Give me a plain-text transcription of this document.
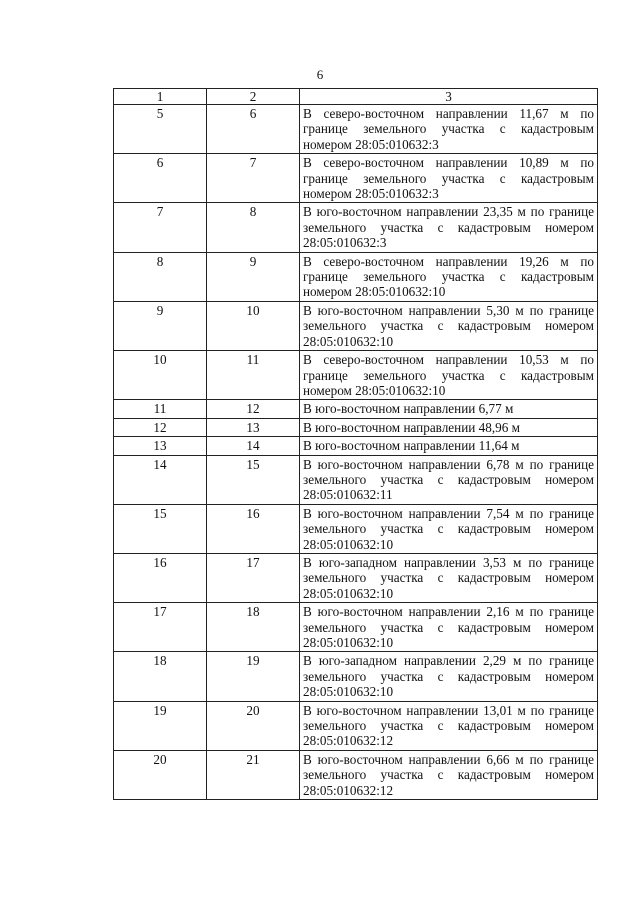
6
1	2	3
5	6	В северо-восточном направлении 11,67 м по границе земельного участка с кадастровым номером 28:05:010632:3
6	7	В северо-восточном направлении 10,89 м по границе земельного участка с кадастровым номером 28:05:010632:3
7	8	В юго-восточном направлении 23,35 м по границе земельного участка с кадастровым номером 28:05:010632:3
8	9	В северо-восточном направлении 19,26 м по границе земельного участка с кадастровым номером 28:05:010632:10
9	10	В юго-восточном направлении 5,30 м по границе земельного участка с кадастровым номером 28:05:010632:10
10	11	В северо-восточном направлении 10,53 м по границе земельного участка с кадастровым номером 28:05:010632:10
11	12	В юго-восточном направлении 6,77 м
12	13	В юго-восточном направлении 48,96 м
13	14	В юго-восточном направлении 11,64 м
14	15	В юго-восточном направлении 6,78 м по границе земельного участка с кадастровым номером 28:05:010632:11
15	16	В юго-восточном направлении 7,54 м по границе земельного участка с кадастровым номером 28:05:010632:10
16	17	В юго-западном направлении 3,53 м по границе земельного участка с кадастровым номером 28:05:010632:10
17	18	В юго-восточном направлении 2,16 м по границе земельного участка с кадастровым номером 28:05:010632:10
18	19	В юго-западном направлении 2,29 м по границе земельного участка с кадастровым номером 28:05:010632:10
19	20	В юго-восточном направлении 13,01 м по границе земельного участка с кадастровым номером 28:05:010632:12
20	21	В юго-восточном направлении 6,66 м по границе земельного участка с кадастровым номером 28:05:010632:12
